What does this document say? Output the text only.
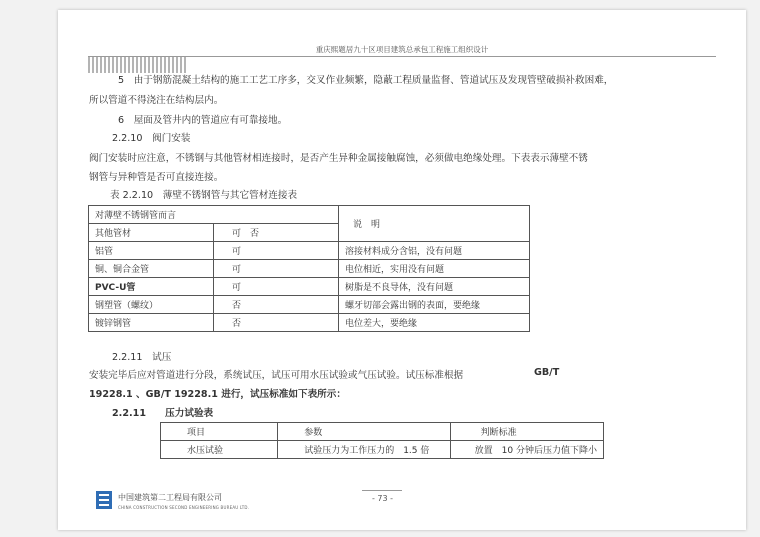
重庆熙题居九十区项目建筑总承包工程施工组织设计
5　由于钢筋混凝土结构的施工工艺工序多，交叉作业频繁，隐蔽工程质量监督、管道试压及发现管壁破损补救困难，
所以管道不得浇注在结构层内。
6　屋面及管井内的管道应有可靠接地。
2.2.10　阀门安装
阀门安装时应注意，不锈钢与其他管材相连接时，是否产生异种金属接触腐蚀，必须做电绝缘处理。下表表示薄壁不锈
钢管与异种管是否可直接连接。
表 2.2.10　薄壁不锈钢管与其它管材连接表
对薄壁不锈钢管而言		说　明
其他管材	可　否	
铝管	可	溶接材料成分含铝，没有问题
铜、铜合金管	可	电位相近，实用没有问题
PVC-U管	可	树脂是不良导体，没有问题
钢塑管（螺纹）	否	螺牙切部会露出钢的表面，要绝缘
镀锌钢管	否	电位差大，要绝缘
2.2.11　试压
安装完毕后应对管道进行分段，系统试压，试压可用水压试验或气压试验。试压标准根据	GB/T
19228.1 、GB/T 19228.1 进行，试压标准如下表所示：
2.2.11　　压力试验表
项目	参数	判断标准
水压试验	试验压力为工作压力的　1.5 倍	放置　10 分钟后压力值下降小
- 73 -
中国建筑第二工程局有限公司
CHINA CONSTRUCTION SECOND ENGINEERING BUREAU LTD.
